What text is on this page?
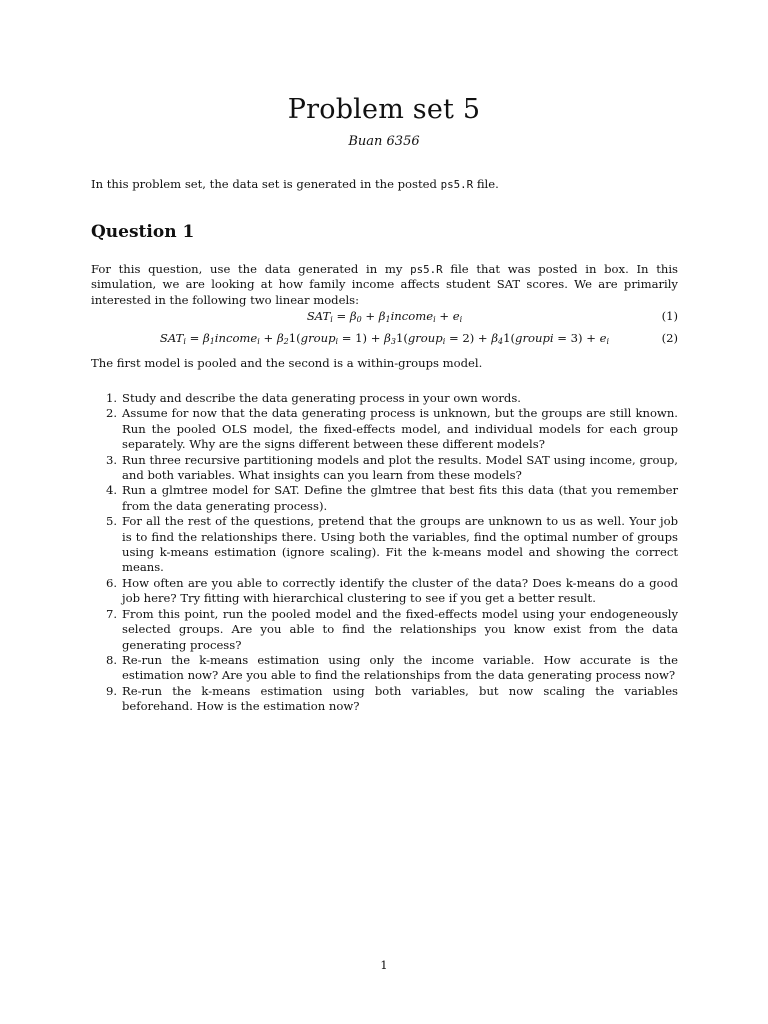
Problem set 5
Buan 6356

In this problem set, the data set is generated in the posted ps5.R file.

Question 1

For this question, use the data generated in my ps5.R file that was posted in box. In this simulation, we are looking at how family income affects student SAT scores. We are primarily interested in the following two linear models:

$SAT_i = \beta_0$ + $\beta_1income_i + e_i$	(1)
$SAT_i$ = $\beta_1income_i$ + $\beta_21(group_i = 1)$ + $\beta_31(group_i = 2)$ + $\beta_41(groupi = 3) + e_i$	(2)

The first model is pooled and the second is a within-groups model.

1. Study and describe the data generating process in your own words.
2. Assume for now that the data generating process is unknown, but the groups are still known. Run the pooled OLS model, the fixed-effects model, and individual models for each group separately. Why are the signs different between these different models?
3. Run three recursive partitioning models and plot the results. Model SAT using income, group, and both variables. What insights can you learn from these models?
4. Run a glmtree model for SAT. Define the glmtree that best fits this data (that you remember from the data generating process).
5. For all the rest of the questions, pretend that the groups are unknown to us as well. Your job is to find the relationships there. Using both the variables, find the optimal number of groups using k-means estimation (ignore scaling). Fit the k-means model and showing the correct means.
6. How often are you able to correctly identify the cluster of the data? Does k-means do a good job here? Try fitting with hierarchical clustering to see if you get a better result.
7. From this point, run the pooled model and the fixed-effects model using your endogeneously selected groups. Are you able to find the relationships you know exist from the data generating process?
8. Re-run the k-means estimation using only the income variable. How accurate is the estimation now? Are you able to find the relationships from the data generating process now?
9. Re-run the k-means estimation using both variables, but now scaling the variables beforehand. How is the estimation now?
1
